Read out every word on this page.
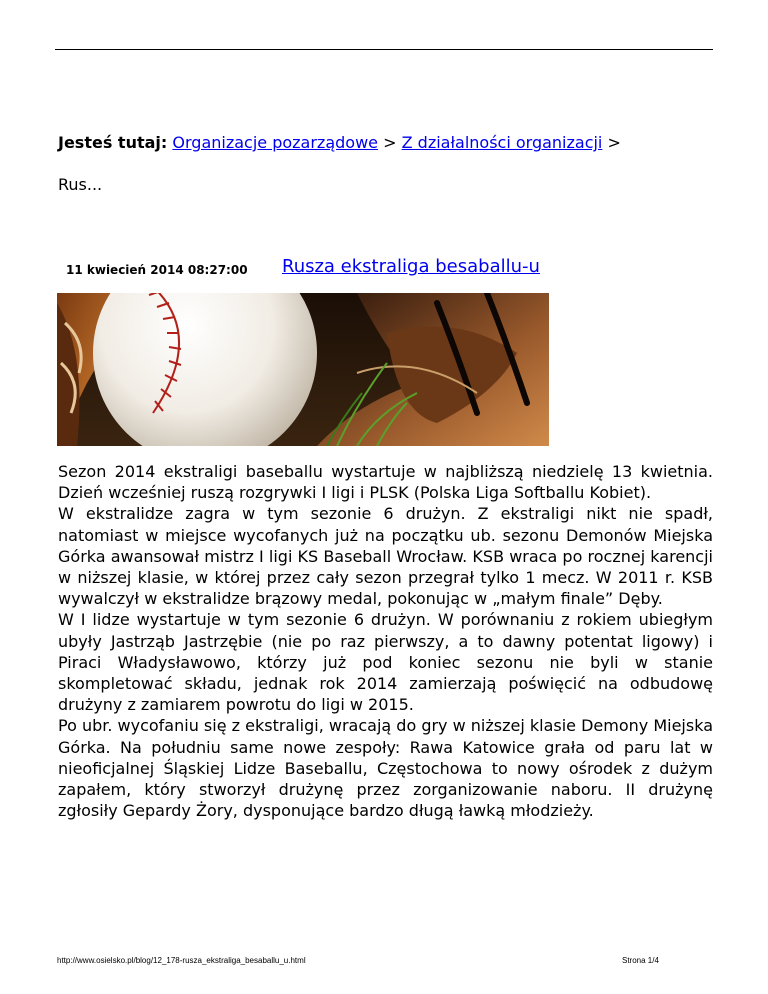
Jesteś tutaj: Organizacje pozarządowe > Z działalności organizacji >
Rus...
11 kwiecień 2014 08:27:00 Rusza ekstraliga besaballu-u

Sezon 2014 ekstraligi baseballu wystartuje w najbliższą niedzielę 13 kwietnia. Dzień wcześniej ruszą rozgrywki I ligi i PLSK (Polska Liga Softballu Kobiet).

W ekstralidze zagra w tym sezonie 6 drużyn. Z ekstraligi nikt nie spadł, natomiast w miejsce wycofanych już na początku ub. sezonu Demonów Miejska Górka awansował mistrz I ligi KS Baseball Wrocław. KSB wraca po rocznej karencji w niższej klasie, w której przez cały sezon przegrał tylko 1 mecz. W 2011 r. KSB wywalczył w ekstralidze brązowy medal, pokonując w „małym finale” Dęby.

W I lidze wystartuje w tym sezonie 6 drużyn. W porównaniu z rokiem ubiegłym ubyły Jastrząb Jastrzębie (nie po raz pierwszy, a to dawny potentat ligowy) i Piraci Władysławowo, którzy już pod koniec sezonu nie byli w stanie skompletować składu, jednak rok 2014 zamierzają poświęcić na odbudowę drużyny z zamiarem powrotu do ligi w 2015.

Po ubr. wycofaniu się z ekstraligi, wracają do gry w niższej klasie Demony Miejska Górka. Na południu same nowe zespoły: Rawa Katowice grała od paru lat w nieoficjalnej Śląskiej Lidze Baseballu, Częstochowa to nowy ośrodek z dużym zapałem, który stworzył drużynę przez zorganizowanie naboru. II drużynę zgłosiły Gepardy Żory, dysponujące bardzo długą ławką młodzieży.

http://www.osielsko.pl/blog/12_178-rusza_ekstraliga_besaballu_u.html	Strona 1/4
